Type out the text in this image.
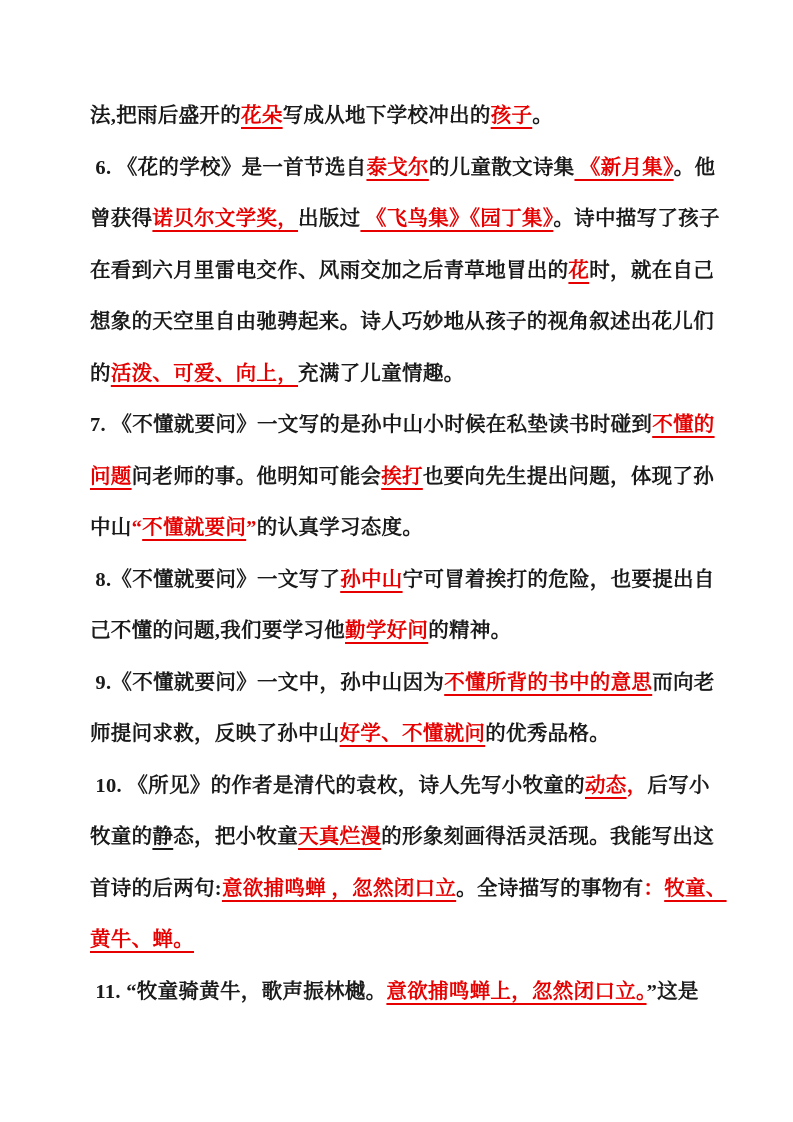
法,把雨后盛开的花朵写成从地下学校冲出的孩子。
6. 《花的学校》是一首节选自泰戈尔的儿童散文诗集 《新月集》。他
曾获得诺贝尔文学奖，出版过 《飞鸟集》《园丁集》。诗中描写了孩子
在看到六月里雷电交作、风雨交加之后青草地冒出的花时，就在自己
想象的天空里自由驰骋起来。诗人巧妙地从孩子的视角叙述出花儿们
的活泼、可爱、向上，充满了儿童情趣。
7. 《不懂就要问》一文写的是孙中山小时候在私垫读书时碰到不懂的
问题问老师的事。他明知可能会挨打也要向先生提出问题，体现了孙
中山“不懂就要问”的认真学习态度。
8.《不懂就要问》一文写了孙中山宁可冒着挨打的危险，也要提出自
己不懂的问题,我们要学习他勤学好问的精神。
9.《不懂就要问》一文中，孙中山因为不懂所背的书中的意思而向老
师提问求救，反映了孙中山好学、不懂就问的优秀品格。
10. 《所见》的作者是清代的袁枚，诗人先写小牧童的动态，后写小
牧童的静态，把小牧童天真烂漫的形象刻画得活灵活现。我能写出这
首诗的后两句:意欲捕鸣蝉 ，忽然闭口立。全诗描写的事物有：牧童、
黄牛、蝉。
11. “牧童骑黄牛，歌声振林樾。意欲捕鸣蝉上，忽然闭口立。”这是
